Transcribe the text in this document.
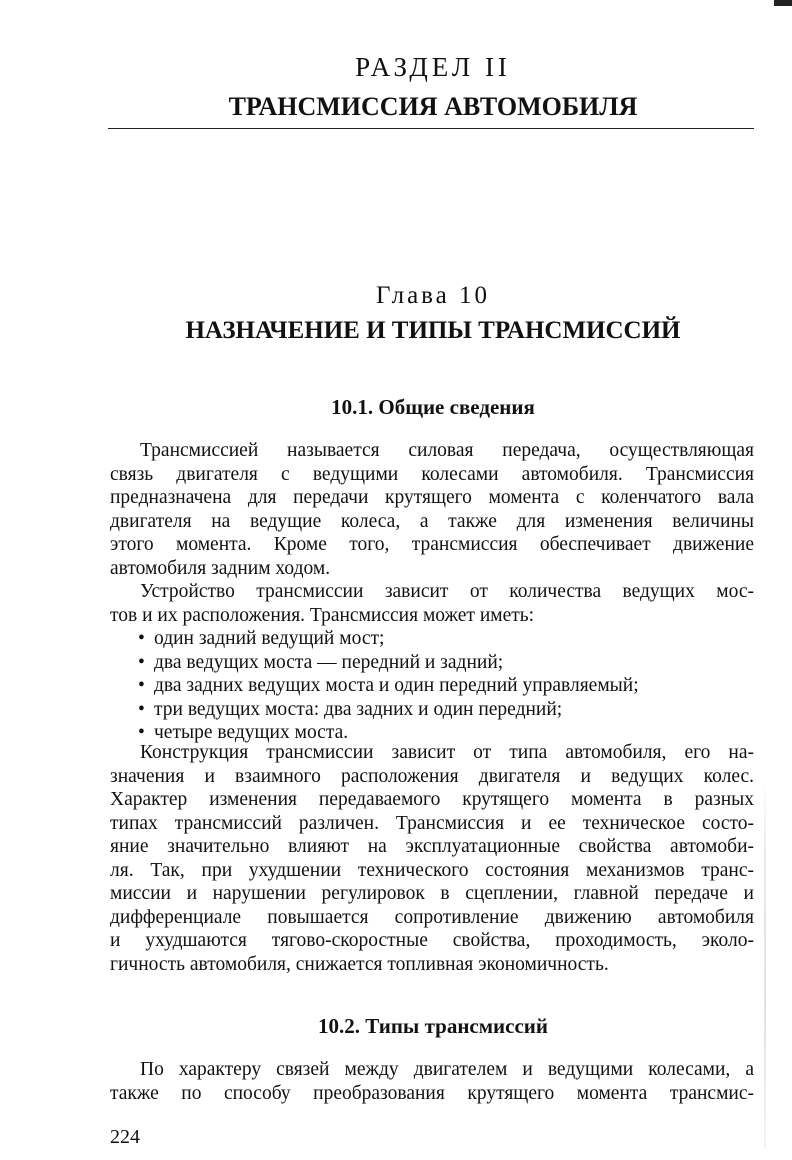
РАЗДЕЛ II
ТРАНСМИССИЯ АВТОМОБИЛЯ
Глава 10
НАЗНАЧЕНИЕ И ТИПЫ ТРАНСМИССИЙ
10.1. Общие сведения
Трансмиссией называется силовая передача, осуществляющая
связь двигателя с ведущими колесами автомобиля. Трансмиссия
предназначена для передачи крутящего момента с коленчатого вала
двигателя на ведущие колеса, а также для изменения величины
этого момента. Кроме того, трансмиссия обеспечивает движение
автомобиля задним ходом.
Устройство трансмиссии зависит от количества ведущих мос-
тов и их расположения. Трансмиссия может иметь:
• один задний ведущий мост;
• два ведущих моста — передний и задний;
• два задних ведущих моста и один передний управляемый;
• три ведущих моста: два задних и один передний;
• четыре ведущих моста.
Конструкция трансмиссии зависит от типа автомобиля, его на-
значения и взаимного расположения двигателя и ведущих колес.
Характер изменения передаваемого крутящего момента в разных
типах трансмиссий различен. Трансмиссия и ее техническое состо-
яние значительно влияют на эксплуатационные свойства автомоби-
ля. Так, при ухудшении технического состояния механизмов транс-
миссии и нарушении регулировок в сцеплении, главной передаче и
дифференциале повышается сопротивление движению автомобиля
и ухудшаются тягово-скоростные свойства, проходимость, эколо-
гичность автомобиля, снижается топливная экономичность.
10.2. Типы трансмиссий
По характеру связей между двигателем и ведущими колесами, а
также по способу преобразования крутящего момента трансмис-
224
